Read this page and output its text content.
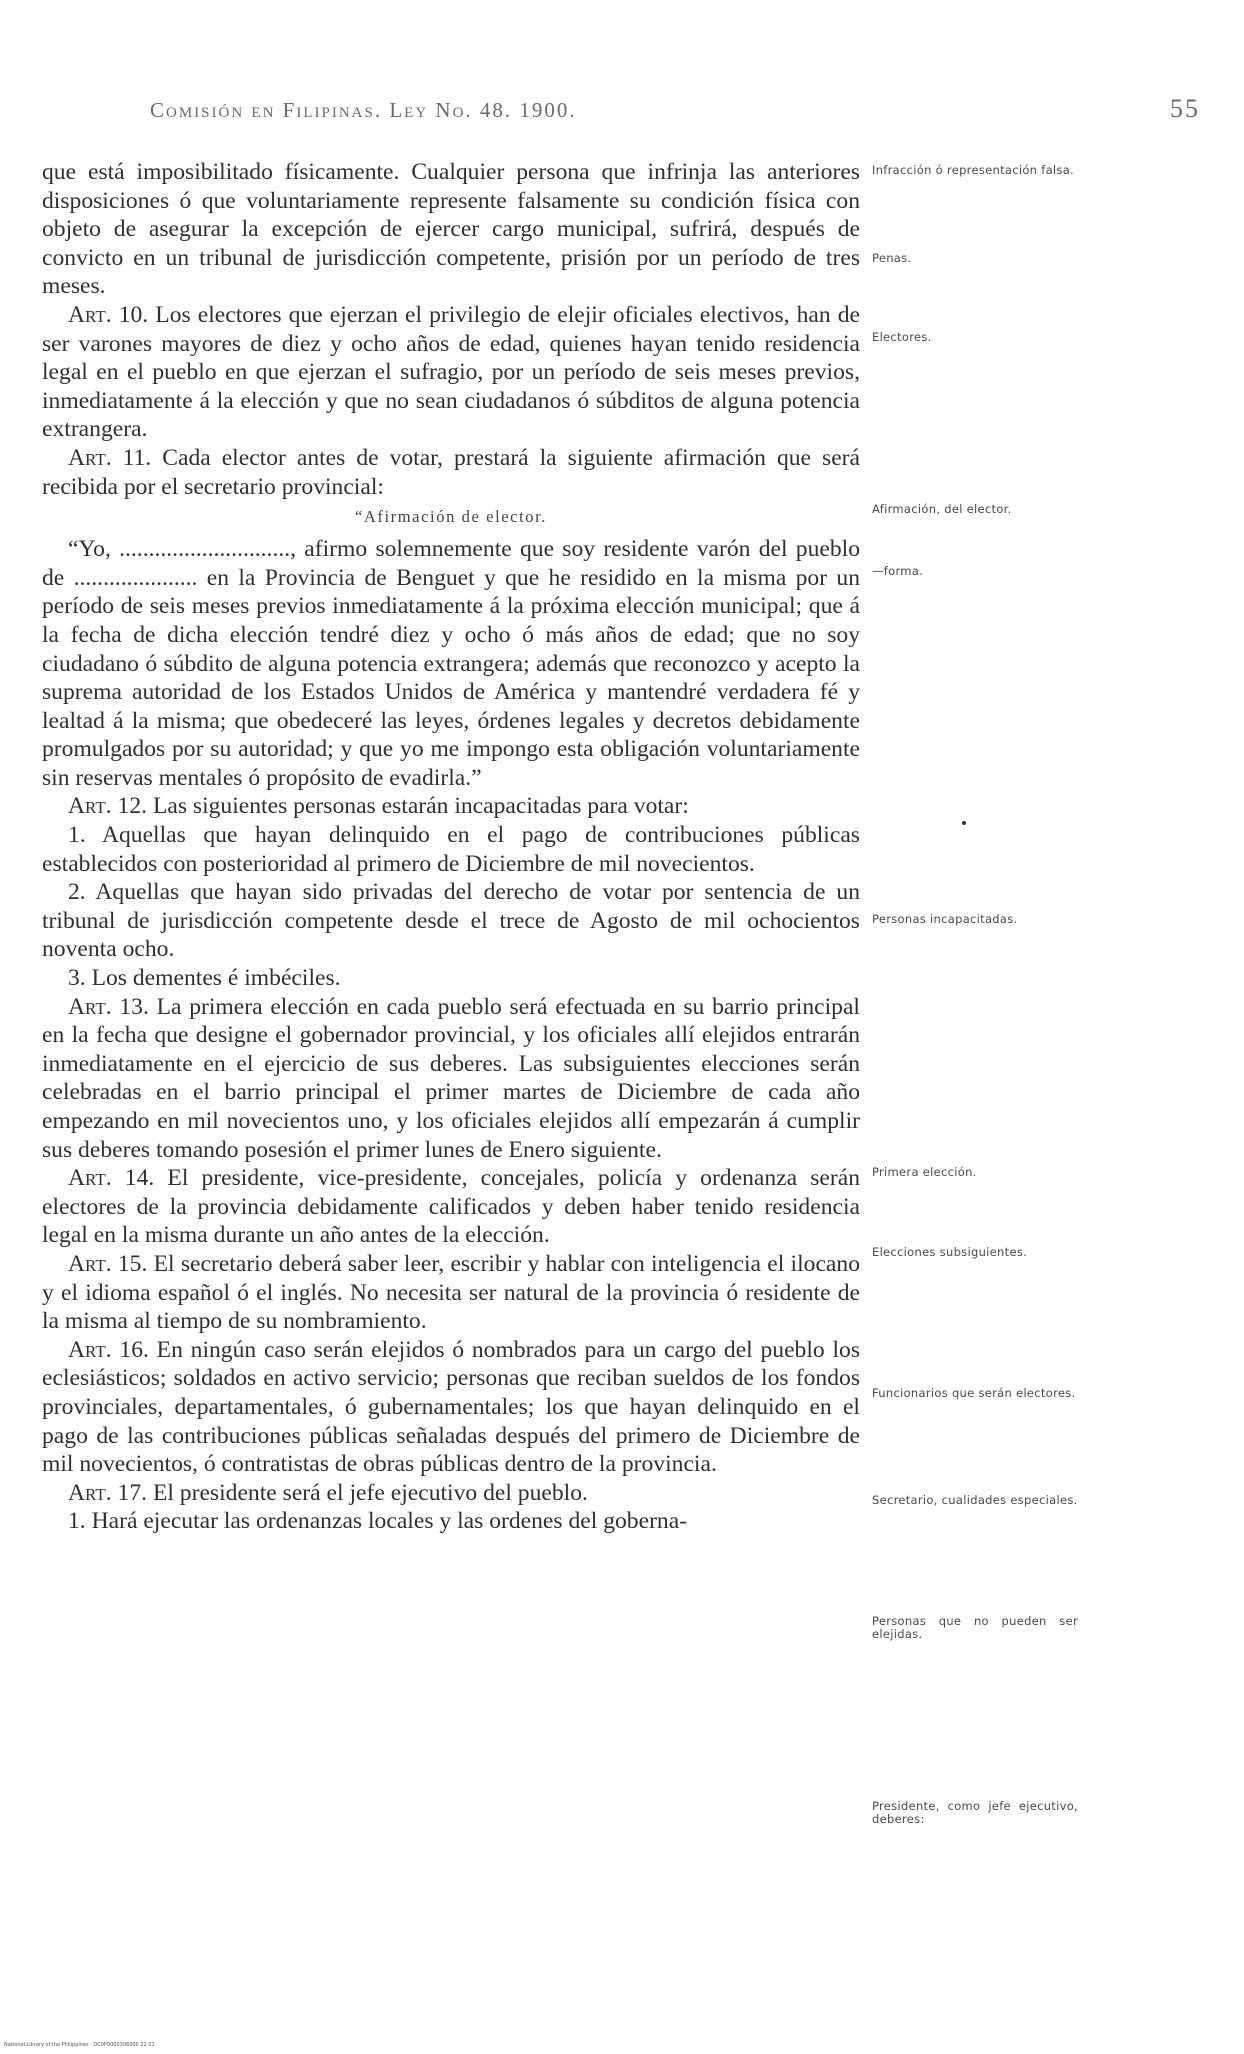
Comisión en Filipinas. Ley No. 48. 1900.	55

que está imposibilitado físicamente. Cualquier persona que infrinja las anteriores disposiciones ó que voluntariamente represente falsamente su condición física con objeto de asegurar la excepción de ejercer cargo municipal, sufrirá, después de convicto en un tribunal de jurisdicción competente, prisión por un período de tres meses.

Art. 10. Los electores que ejerzan el privilegio de elejir oficiales electivos, han de ser varones mayores de diez y ocho años de edad, quienes hayan tenido residencia legal en el pueblo en que ejerzan el sufragio, por un período de seis meses previos, inmediatamente á la elección y que no sean ciudadanos ó súbditos de alguna potencia extrangera.

Art. 11. Cada elector antes de votar, prestará la siguiente afirmación que será recibida por el secretario provincial:

“Afirmación de elector.

“Yo, ............................., afirmo solemnemente que soy residente varón del pueblo de ..................... en la Provincia de Benguet y que he residido en la misma por un período de seis meses previos inmediatamente á la próxima elección municipal; que á la fecha de dicha elección tendré diez y ocho ó más años de edad; que no soy ciudadano ó súbdito de alguna potencia extrangera; además que reconozco y acepto la suprema autoridad de los Estados Unidos de América y mantendré verdadera fé y lealtad á la misma; que obedeceré las leyes, órdenes legales y decretos debidamente promulgados por su autoridad; y que yo me impongo esta obligación voluntariamente sin reservas mentales ó propósito de evadirla.”

Art. 12. Las siguientes personas estarán incapacitadas para votar:

1. Aquellas que hayan delinquido en el pago de contribuciones públicas establecidos con posterioridad al primero de Diciembre de mil novecientos.

2. Aquellas que hayan sido privadas del derecho de votar por sentencia de un tribunal de jurisdicción competente desde el trece de Agosto de mil ochocientos noventa ocho.

3. Los dementes é imbéciles.

Art. 13. La primera elección en cada pueblo será efectuada en su barrio principal en la fecha que designe el gobernador provincial, y los oficiales allí elejidos entrarán inmediatamente en el ejercicio de sus deberes. Las subsiguientes elecciones serán celebradas en el barrio principal el primer martes de Diciembre de cada año empezando en mil novecientos uno, y los oficiales elejidos allí empezarán á cumplir sus deberes tomando posesión el primer lunes de Enero siguiente.

Art. 14. El presidente, vice-presidente, concejales, policía y ordenanza serán electores de la provincia debidamente calificados y deben haber tenido residencia legal en la misma durante un año antes de la elección.

Art. 15. El secretario deberá saber leer, escribir y hablar con inteligencia el ilocano y el idioma español ó el inglés. No necesita ser natural de la provincia ó residente de la misma al tiempo de su nombramiento.

Art. 16. En ningún caso serán elejidos ó nombrados para un cargo del pueblo los eclesiásticos; soldados en activo servicio; personas que reciban sueldos de los fondos provinciales, departamentales, ó gubernamentales; los que hayan delinquido en el pago de las contribuciones públicas señaladas después del primero de Diciembre de mil novecientos, ó contratistas de obras públicas dentro de la provincia.

Art. 17. El presidente será el jefe ejecutivo del pueblo.

1. Hará ejecutar las ordenanzas locales y las ordenes del goberna-

Infracción ó representación falsa.
Penas.
Electores.
Afirmación, del elector.
—forma.
Personas incapacitadas.
Primera elección.
Elecciones subsiguientes.
Funcionarios que serán electores.
Secretario, cualidades especiales.
Personas que no pueden ser elejidas.
Presidente, como jefe ejecutivo, deberes:
National Library of the Philippines · DC0P0000306000 22 01
